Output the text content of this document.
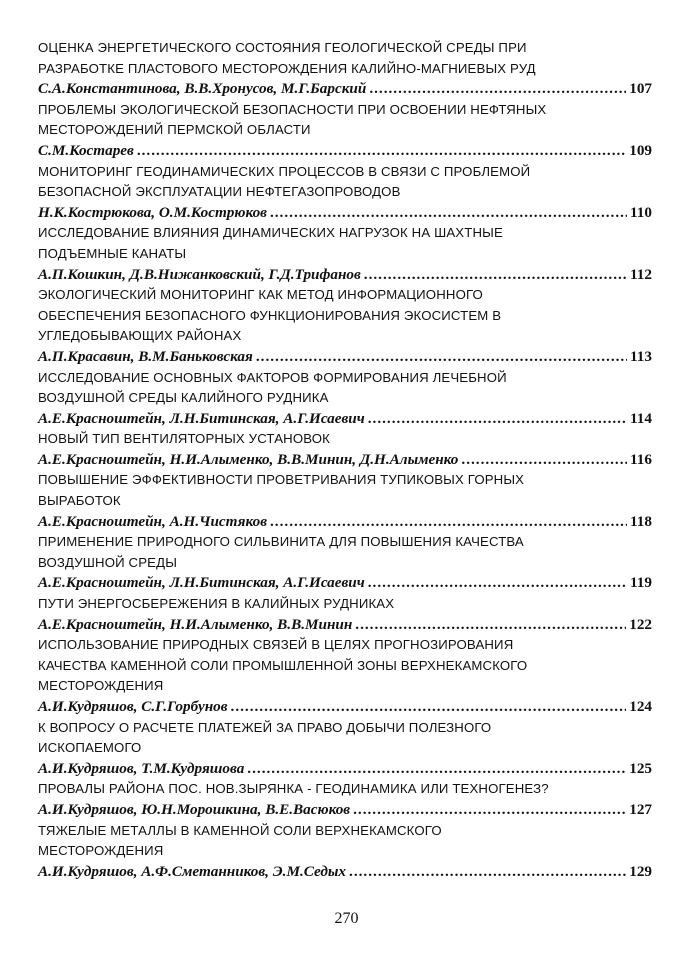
ОЦЕНКА ЭНЕРГЕТИЧЕСКОГО СОСТОЯНИЯ ГЕОЛОГИЧЕСКОЙ СРЕДЫ ПРИ
РАЗРАБОТКЕ ПЛАСТОВОГО МЕСТОРОЖДЕНИЯ КАЛИЙНО-МАГНИЕВЫХ РУД
С.А.Константинова, В.В.Хронусов, М.Г.Барский .....	107
ПРОБЛЕМЫ ЭКОЛОГИЧЕСКОЙ БЕЗОПАСНОСТИ ПРИ ОСВОЕНИИ НЕФТЯНЫХ
МЕСТОРОЖДЕНИЙ ПЕРМСКОЙ ОБЛАСТИ
С.М.Костарев .....	109
МОНИТОРИНГ ГЕОДИНАМИЧЕСКИХ ПРОЦЕССОВ В СВЯЗИ С ПРОБЛЕМОЙ
БЕЗОПАСНОЙ ЭКСПЛУАТАЦИИ НЕФТЕГАЗОПРОВОДОВ
Н.К.Кострюкова, О.М.Кострюков .....	110
ИССЛЕДОВАНИЕ ВЛИЯНИЯ ДИНАМИЧЕСКИХ НАГРУЗОК НА ШАХТНЫЕ
ПОДЪЕМНЫЕ КАНАТЫ
А.П.Кошкин, Д.В.Нижанковский, Г.Д.Трифанов .....	112
ЭКОЛОГИЧЕСКИЙ МОНИТОРИНГ КАК МЕТОД ИНФОРМАЦИОННОГО
ОБЕСПЕЧЕНИЯ БЕЗОПАСНОГО ФУНКЦИОНИРОВАНИЯ ЭКОСИСТЕМ В
УГЛЕДОБЫВАЮЩИХ РАЙОНАХ
А.П.Красавин, В.М.Баньковская .....	113
ИССЛЕДОВАНИЕ ОСНОВНЫХ ФАКТОРОВ ФОРМИРОВАНИЯ ЛЕЧЕБНОЙ
ВОЗДУШНОЙ СРЕДЫ КАЛИЙНОГО РУДНИКА
А.Е.Красноштейн, Л.Н.Битинская, А.Г.Исаевич .....	114
НОВЫЙ ТИП ВЕНТИЛЯТОРНЫХ УСТАНОВОК
А.Е.Красноштейн, Н.И.Алыменко, В.В.Минин, Д.Н.Алыменко .....	116
ПОВЫШЕНИЕ ЭФФЕКТИВНОСТИ ПРОВЕТРИВАНИЯ ТУПИКОВЫХ ГОРНЫХ
ВЫРАБОТОК
А.Е.Красноштейн, А.Н.Чистяков .....	118
ПРИМЕНЕНИЕ ПРИРОДНОГО СИЛЬВИНИТА ДЛЯ ПОВЫШЕНИЯ КАЧЕСТВА
ВОЗДУШНОЙ СРЕДЫ
А.Е.Красноштейн, Л.Н.Битинская, А.Г.Исаевич .....	119
ПУТИ ЭНЕРГОСБЕРЕЖЕНИЯ В КАЛИЙНЫХ РУДНИКАХ
А.Е.Красноштейн, Н.И.Алыменко, В.В.Минин .....	122
ИСПОЛЬЗОВАНИЕ ПРИРОДНЫХ СВЯЗЕЙ В ЦЕЛЯХ ПРОГНОЗИРОВАНИЯ
КАЧЕСТВА КАМЕННОЙ СОЛИ ПРОМЫШЛЕННОЙ ЗОНЫ ВЕРХНЕКАМСКОГО
МЕСТОРОЖДЕНИЯ
А.И.Кудряшов, С.Г.Горбунов .....	124
К ВОПРОСУ О РАСЧЕТЕ ПЛАТЕЖЕЙ ЗА ПРАВО ДОБЫЧИ ПОЛЕЗНОГО
ИСКОПАЕМОГО
А.И.Кудряшов, Т.М.Кудряшова .....	125
ПРОВАЛЫ РАЙОНА ПОС. НОВ.ЗЫРЯНКА - ГЕОДИНАМИКА ИЛИ ТЕХНОГЕНЕЗ?
А.И.Кудряшов, Ю.Н.Морошкина, В.Е.Васюков .....	127
ТЯЖЕЛЫЕ МЕТАЛЛЫ В КАМЕННОЙ СОЛИ ВЕРХНЕКАМСКОГО
МЕСТОРОЖДЕНИЯ
А.И.Кудряшов, А.Ф.Сметанников, Э.М.Седых .....	129
270
